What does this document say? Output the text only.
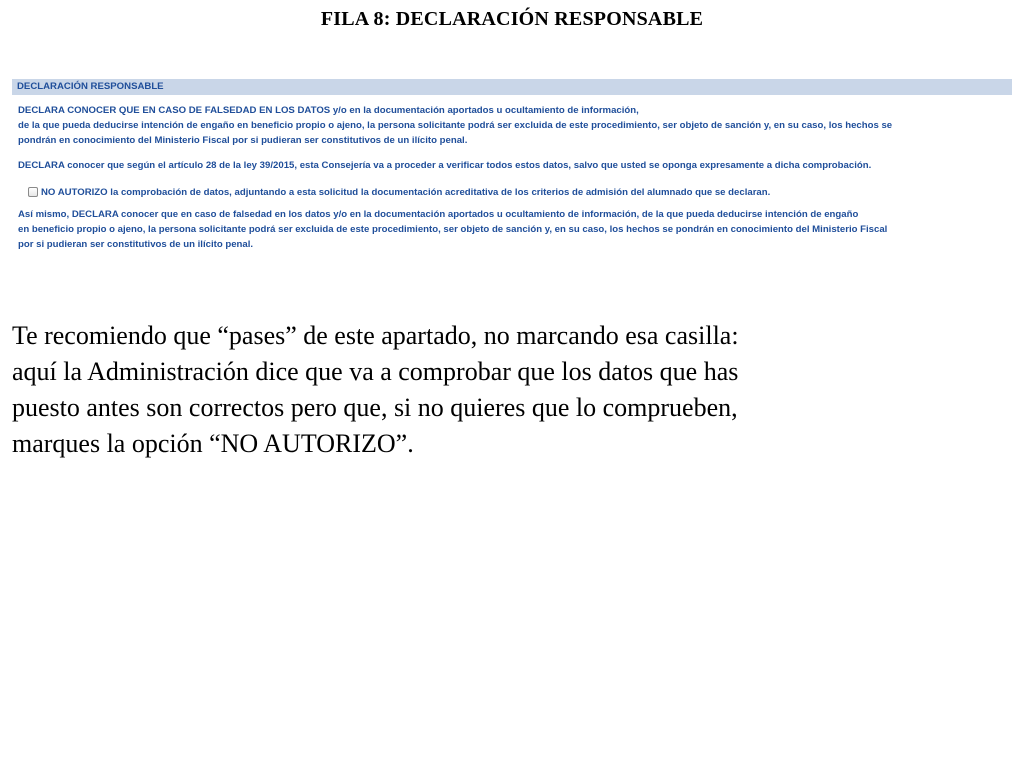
FILA 8: DECLARACIÓN RESPONSABLE
DECLARACIÓN RESPONSABLE
DECLARA CONOCER QUE EN CASO DE FALSEDAD EN LOS DATOS y/o en la documentación aportados u ocultamiento de información,
de la que pueda deducirse intención de engaño en beneficio propio o ajeno, la persona solicitante podrá ser excluida de este procedimiento, ser objeto de sanción y, en su caso, los hechos se
pondrán en conocimiento del Ministerio Fiscal por si pudieran ser constitutivos de un ilícito penal.
DECLARA conocer que según el artículo 28 de la ley 39/2015, esta Consejería va a proceder a verificar todos estos datos, salvo que usted se oponga expresamente a dicha comprobación.
NO AUTORIZO la comprobación de datos, adjuntando a esta solicitud la documentación acreditativa de los criterios de admisión del alumnado que se declaran.
Así mismo, DECLARA conocer que en caso de falsedad en los datos y/o en la documentación aportados u ocultamiento de información, de la que pueda deducirse intención de engaño
en beneficio propio o ajeno, la persona solicitante podrá ser excluida de este procedimiento, ser objeto de sanción y, en su caso, los hechos se pondrán en conocimiento del Ministerio Fiscal
por si pudieran ser constitutivos de un ilícito penal.
Te recomiendo que “pases” de este apartado, no marcando esa casilla:
aquí la Administración dice que va a comprobar que los datos que has
puesto antes son correctos pero que, si no quieres que lo comprueben,
marques la opción “NO AUTORIZO”.
